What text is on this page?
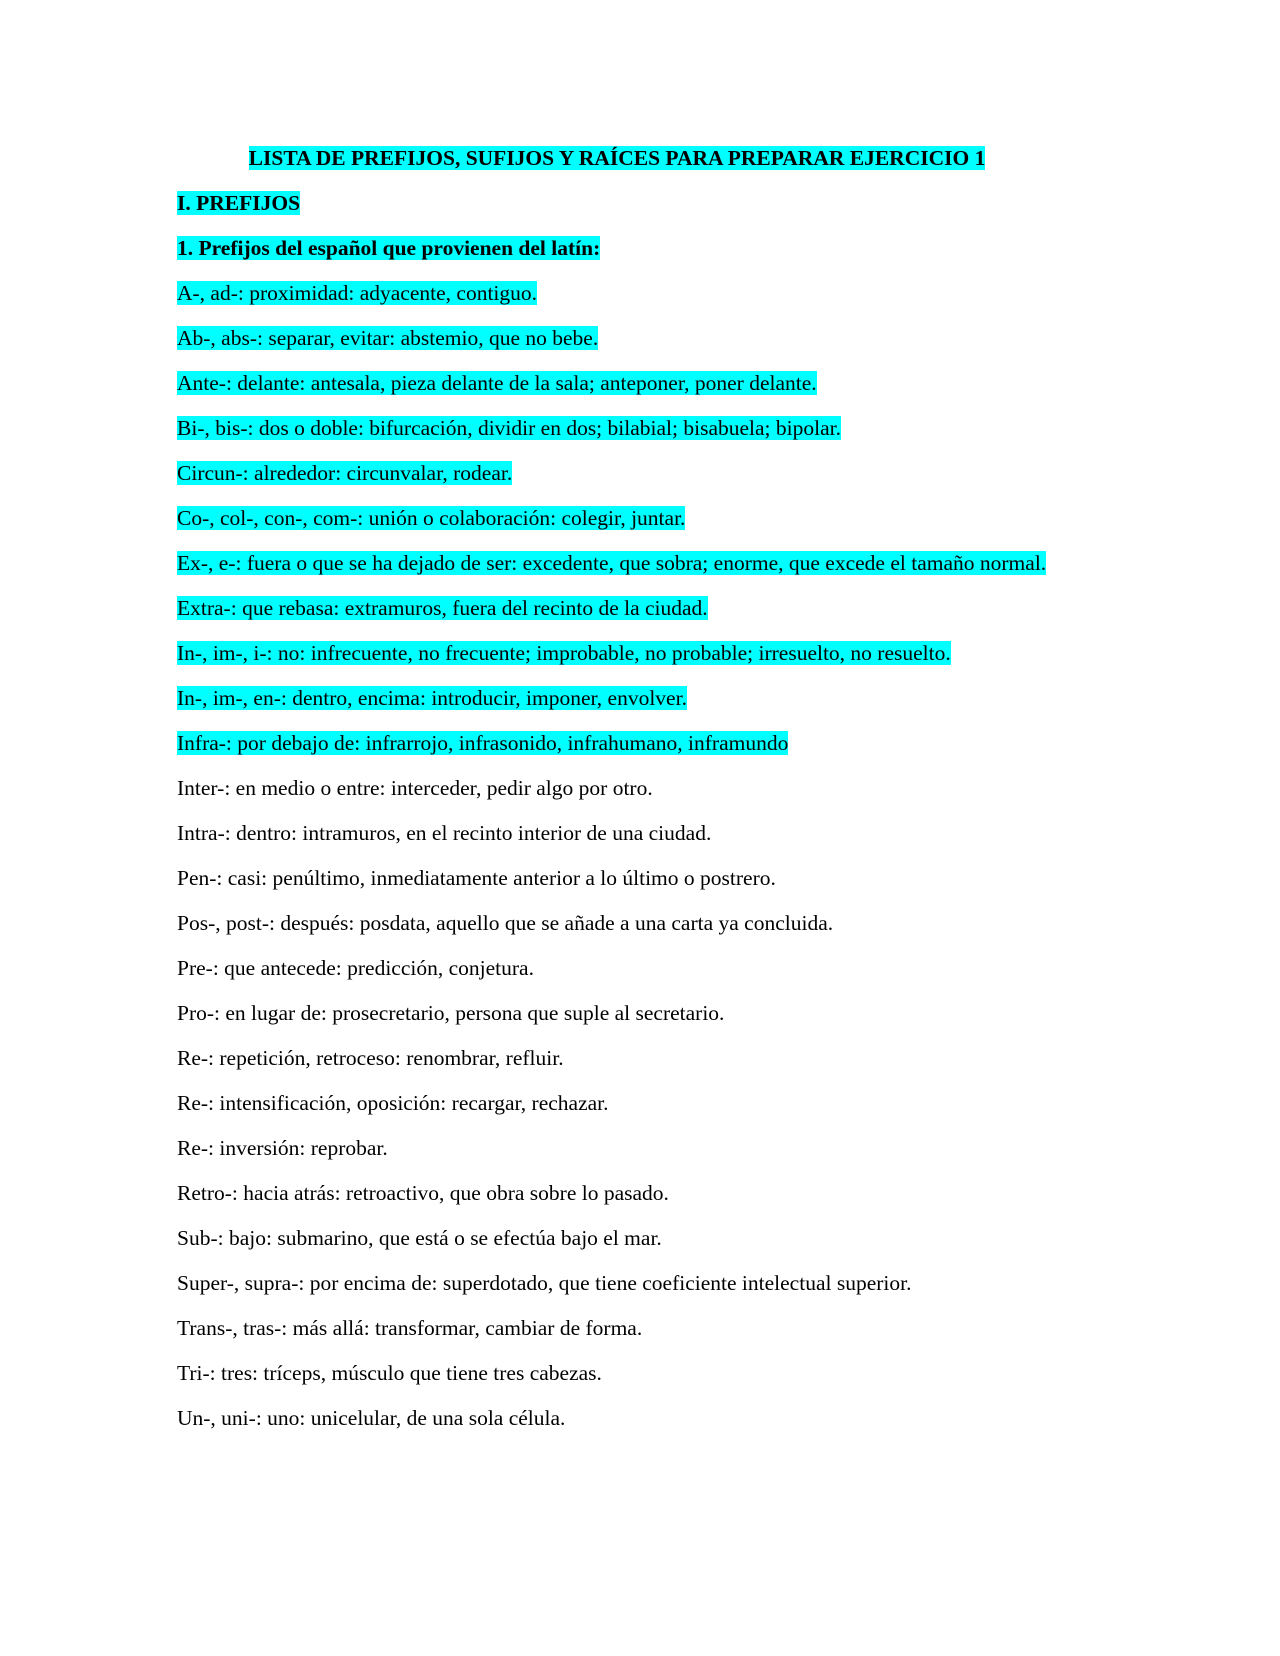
LISTA DE PREFIJOS, SUFIJOS Y RAÍCES PARA PREPARAR EJERCICIO 1

I. PREFIJOS

1. Prefijos del español que provienen del latín:

A-, ad-: proximidad: adyacente, contiguo.

Ab-, abs-: separar, evitar: abstemio, que no bebe.

Ante-: delante: antesala, pieza delante de la sala; anteponer, poner delante.

Bi-, bis-: dos o doble: bifurcación, dividir en dos; bilabial; bisabuela; bipolar.

Circun-: alrededor: circunvalar, rodear.

Co-, col-, con-, com-: unión o colaboración: colegir, juntar.

Ex-, e-: fuera o que se ha dejado de ser: excedente, que sobra; enorme, que excede el tamaño normal.

Extra-: que rebasa: extramuros, fuera del recinto de la ciudad.

In-, im-, i-: no: infrecuente, no frecuente; improbable, no probable; irresuelto, no resuelto.

In-, im-, en-: dentro, encima: introducir, imponer, envolver.

Infra-: por debajo de: infrarrojo, infrasonido, infrahumano, inframundo

Inter-: en medio o entre: interceder, pedir algo por otro.

Intra-: dentro: intramuros, en el recinto interior de una ciudad.

Pen-: casi: penúltimo, inmediatamente anterior a lo último o postrero.

Pos-, post-: después: posdata, aquello que se añade a una carta ya concluida.

Pre-: que antecede: predicción, conjetura.

Pro-: en lugar de: prosecretario, persona que suple al secretario.

Re-: repetición, retroceso: renombrar, refluir.

Re-: intensificación, oposición: recargar, rechazar.

Re-: inversión: reprobar.

Retro-: hacia atrás: retroactivo, que obra sobre lo pasado.

Sub-: bajo: submarino, que está o se efectúa bajo el mar.

Super-, supra-: por encima de: superdotado, que tiene coeficiente intelectual superior.

Trans-, tras-: más allá: transformar, cambiar de forma.

Tri-: tres: tríceps, músculo que tiene tres cabezas.

Un-, uni-: uno: unicelular, de una sola célula.
